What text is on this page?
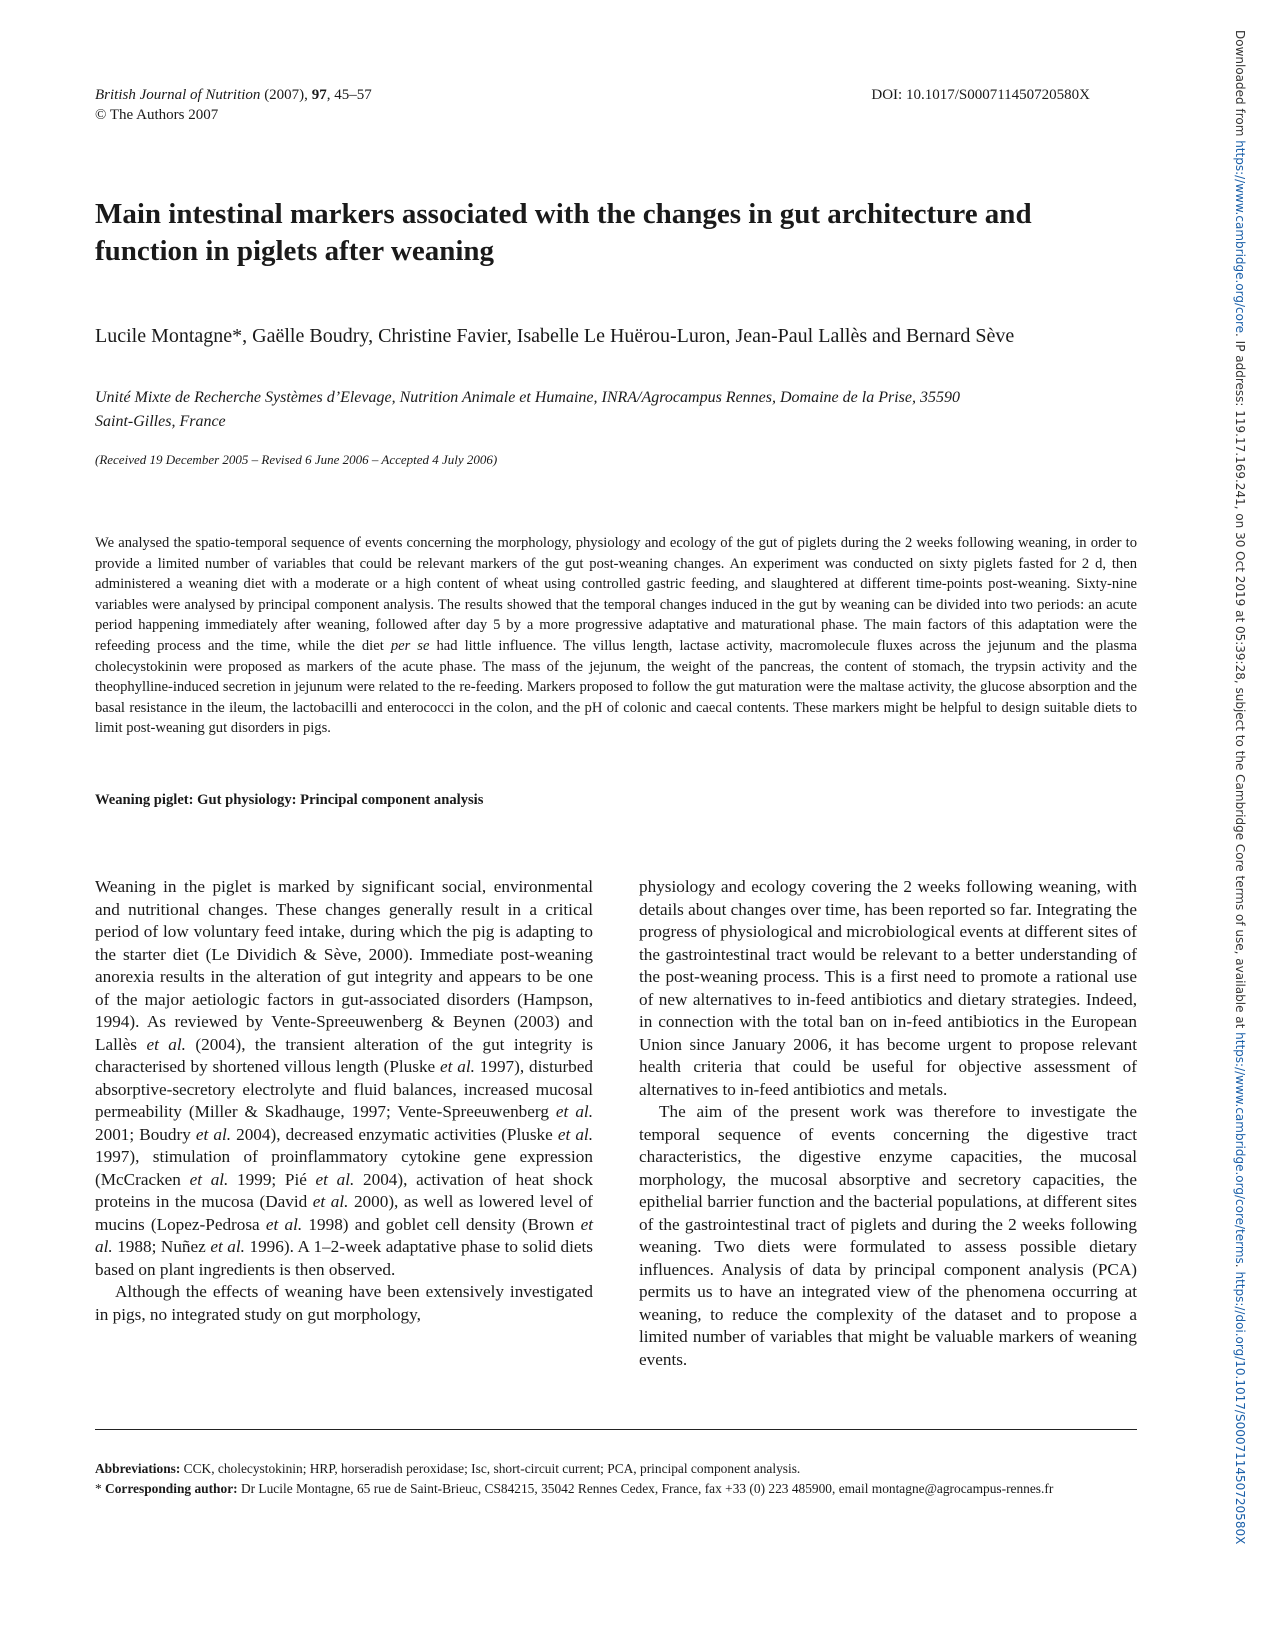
British Journal of Nutrition (2007), 97, 45–57
© The Authors 2007
DOI: 10.1017/S000711450720580X
Main intestinal markers associated with the changes in gut architecture and function in piglets after weaning
Lucile Montagne*, Gaëlle Boudry, Christine Favier, Isabelle Le Huërou-Luron, Jean-Paul Lallès and Bernard Sève
Unité Mixte de Recherche Systèmes d’Elevage, Nutrition Animale et Humaine, INRA/Agrocampus Rennes, Domaine de la Prise, 35590 Saint-Gilles, France
(Received 19 December 2005 – Revised 6 June 2006 – Accepted 4 July 2006)
We analysed the spatio-temporal sequence of events concerning the morphology, physiology and ecology of the gut of piglets during the 2 weeks following weaning, in order to provide a limited number of variables that could be relevant markers of the gut post-weaning changes. An experiment was conducted on sixty piglets fasted for 2 d, then administered a weaning diet with a moderate or a high content of wheat using controlled gastric feeding, and slaughtered at different time-points post-weaning. Sixty-nine variables were analysed by principal component analysis. The results showed that the temporal changes induced in the gut by weaning can be divided into two periods: an acute period happening immediately after weaning, followed after day 5 by a more progressive adaptative and maturational phase. The main factors of this adaptation were the refeeding process and the time, while the diet per se had little influence. The villus length, lactase activity, macromolecule fluxes across the jejunum and the plasma cholecystokinin were proposed as markers of the acute phase. The mass of the jejunum, the weight of the pancreas, the content of stomach, the trypsin activity and the theophylline-induced secretion in jejunum were related to the re-feeding. Markers proposed to follow the gut maturation were the maltase activity, the glucose absorption and the basal resistance in the ileum, the lactobacilli and enterococci in the colon, and the pH of colonic and caecal contents. These markers might be helpful to design suitable diets to limit post-weaning gut disorders in pigs.
Weaning piglet: Gut physiology: Principal component analysis

Weaning in the piglet is marked by significant social, environmental and nutritional changes. These changes generally result in a critical period of low voluntary feed intake, during which the pig is adapting to the starter diet (Le Dividich & Sève, 2000). Immediate post-weaning anorexia results in the alteration of gut integrity and appears to be one of the major aetiologic factors in gut-associated disorders (Hampson, 1994). As reviewed by Vente-Spreeuwenberg & Beynen (2003) and Lallès et al. (2004), the transient alteration of the gut integrity is characterised by shortened villous length (Pluske et al. 1997), disturbed absorptive-secretory electrolyte and fluid balances, increased mucosal permeability (Miller & Skadhauge, 1997; Vente-Spreeuwenberg et al. 2001; Boudry et al. 2004), decreased enzymatic activities (Pluske et al. 1997), stimulation of proinflammatory cytokine gene expression (McCracken et al. 1999; Pié et al. 2004), activation of heat shock proteins in the mucosa (David et al. 2000), as well as lowered level of mucins (Lopez-Pedrosa et al. 1998) and goblet cell density (Brown et al. 1988; Nuñez et al. 1996). A 1–2-week adaptative phase to solid diets based on plant ingredients is then observed.

Although the effects of weaning have been extensively investigated in pigs, no integrated study on gut morphology,

physiology and ecology covering the 2 weeks following weaning, with details about changes over time, has been reported so far. Integrating the progress of physiological and microbiological events at different sites of the gastrointestinal tract would be relevant to a better understanding of the post-weaning process. This is a first need to promote a rational use of new alternatives to in-feed antibiotics and dietary strategies. Indeed, in connection with the total ban on in-feed antibiotics in the European Union since January 2006, it has become urgent to propose relevant health criteria that could be useful for objective assessment of alternatives to in-feed antibiotics and metals.

The aim of the present work was therefore to investigate the temporal sequence of events concerning the digestive tract characteristics, the digestive enzyme capacities, the mucosal morphology, the mucosal absorptive and secretory capacities, the epithelial barrier function and the bacterial populations, at different sites of the gastrointestinal tract of piglets and during the 2 weeks following weaning. Two diets were formulated to assess possible dietary influences. Analysis of data by principal component analysis (PCA) permits us to have an integrated view of the phenomena occurring at weaning, to reduce the complexity of the dataset and to propose a limited number of variables that might be valuable markers of weaning events.

Abbreviations: CCK, cholecystokinin; HRP, horseradish peroxidase; Isc, short-circuit current; PCA, principal component analysis.
* Corresponding author: Dr Lucile Montagne, 65 rue de Saint-Brieuc, CS84215, 35042 Rennes Cedex, France, fax +33 (0) 223 485900, email montagne@agrocampus-rennes.fr
Downloaded from https://www.cambridge.org/core. IP address: 119.17.169.241, on 30 Oct 2019 at 05:39:28, subject to the Cambridge Core terms of use, available at https://www.cambridge.org/core/terms. https://doi.org/10.1017/S000711450720580X
